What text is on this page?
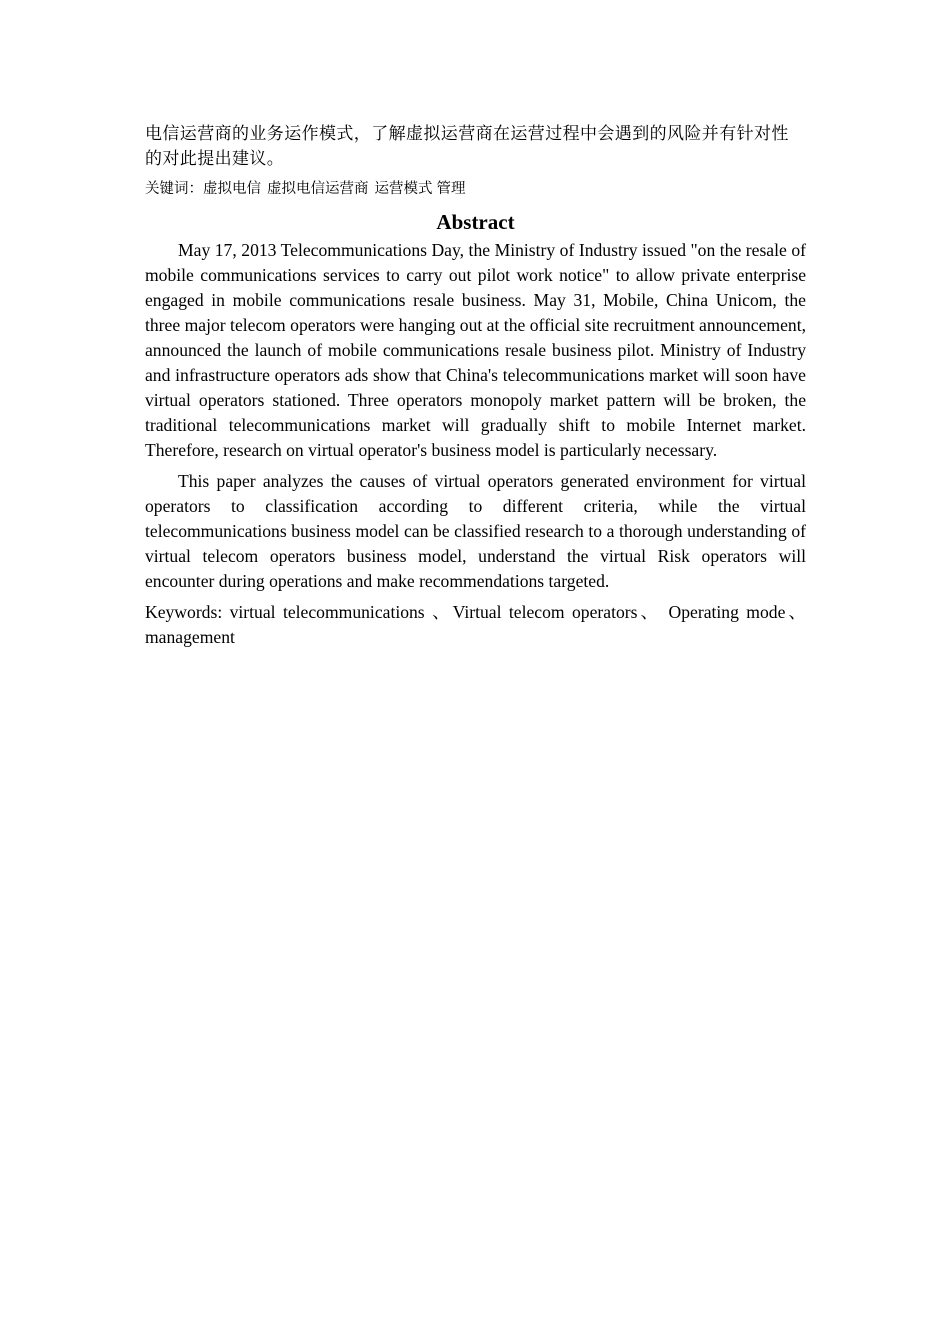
电信运营商的业务运作模式，了解虚拟运营商在运营过程中会遇到的风险并有针对性的对此提出建议。

关键词：虚拟电信 虚拟电信运营商 运营模式 管理

Abstract

May 17, 2013 Telecommunications Day, the Ministry of Industry issued "on the resale of mobile communications services to carry out pilot work notice" to allow private enterprise engaged in mobile communications resale business. May 31, Mobile, China Unicom, the three major telecom operators were hanging out at the official site recruitment announcement, announced the launch of mobile communications resale business pilot. Ministry of Industry and infrastructure operators ads show that China's telecommunications market will soon have virtual operators stationed. Three operators monopoly market pattern will be broken, the traditional telecommunications market will gradually shift to mobile Internet market. Therefore, research on virtual operator's business model is particularly necessary.

This paper analyzes the causes of virtual operators generated environment for virtual operators to classification according to different criteria, while the virtual telecommunications business model can be classified research to a thorough understanding of virtual telecom operators business model, understand the virtual Risk operators will encounter during operations and make recommendations targeted.

Keywords: virtual telecommunications 、Virtual telecom operators、 Operating mode、 management
